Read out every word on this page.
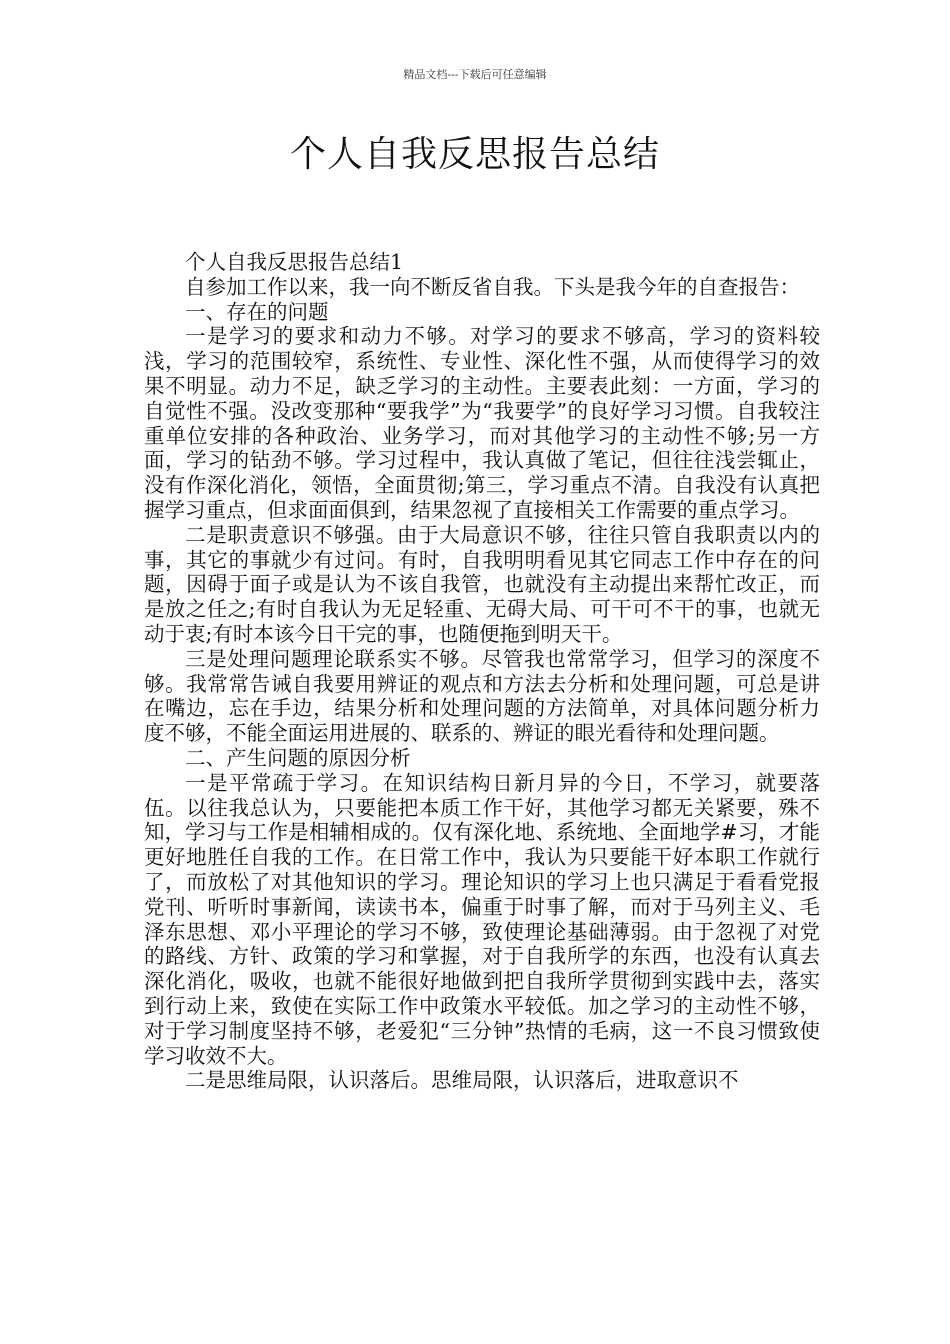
精品文档---下载后可任意编辑
个人自我反思报告总结

个人自我反思报告总结1

自参加工作以来，我一向不断反省自我。下头是我今年的自查报告：

一、存在的问题

一是学习的要求和动力不够。对学习的要求不够高，学习的资料较浅，学习的范围较窄，系统性、专业性、深化性不强，从而使得学习的效果不明显。动力不足，缺乏学习的主动性。主要表此刻：一方面，学习的自觉性不强。没改变那种“要我学”为“我要学”的良好学习习惯。自我较注重单位安排的各种政治、业务学习，而对其他学习的主动性不够;另一方面，学习的钻劲不够。学习过程中，我认真做了笔记，但往往浅尝辄止，没有作深化消化，领悟，全面贯彻;第三，学习重点不清。自我没有认真把握学习重点，但求面面俱到，结果忽视了直接相关工作需要的重点学习。

二是职责意识不够强。由于大局意识不够，往往只管自我职责以内的事，其它的事就少有过问。有时，自我明明看见其它同志工作中存在的问题，因碍于面子或是认为不该自我管，也就没有主动提出来帮忙改正，而是放之任之;有时自我认为无足轻重、无碍大局、可干可不干的事，也就无动于衷;有时本该今日干完的事，也随便拖到明天干。

三是处理问题理论联系实不够。尽管我也常常学习，但学习的深度不够。我常常告诫自我要用辨证的观点和方法去分析和处理问题，可总是讲在嘴边，忘在手边，结果分析和处理问题的方法简单，对具体问题分析力度不够，不能全面运用进展的、联系的、辨证的眼光看待和处理问题。

二、产生问题的原因分析

一是平常疏于学习。在知识结构日新月异的今日，不学习，就要落伍。以往我总认为，只要能把本质工作干好，其他学习都无关紧要，殊不知，学习与工作是相辅相成的。仅有深化地、系统地、全面地学#习，才能更好地胜任自我的工作。在日常工作中，我认为只要能干好本职工作就行了，而放松了对其他知识的学习。理论知识的学习上也只满足于看看党报党刊、听听时事新闻，读读书本，偏重于时事了解，而对于马列主义、毛泽东思想、邓小平理论的学习不够，致使理论基础薄弱。由于忽视了对党的路线、方针、政策的学习和掌握，对于自我所学的东西，也没有认真去深化消化，吸收，也就不能很好地做到把自我所学贯彻到实践中去，落实到行动上来，致使在实际工作中政策水平较低。加之学习的主动性不够，对于学习制度坚持不够，老爱犯“三分钟”热情的毛病，这一不良习惯致使学习收效不大。

二是思维局限，认识落后。思维局限，认识落后，进取意识不
